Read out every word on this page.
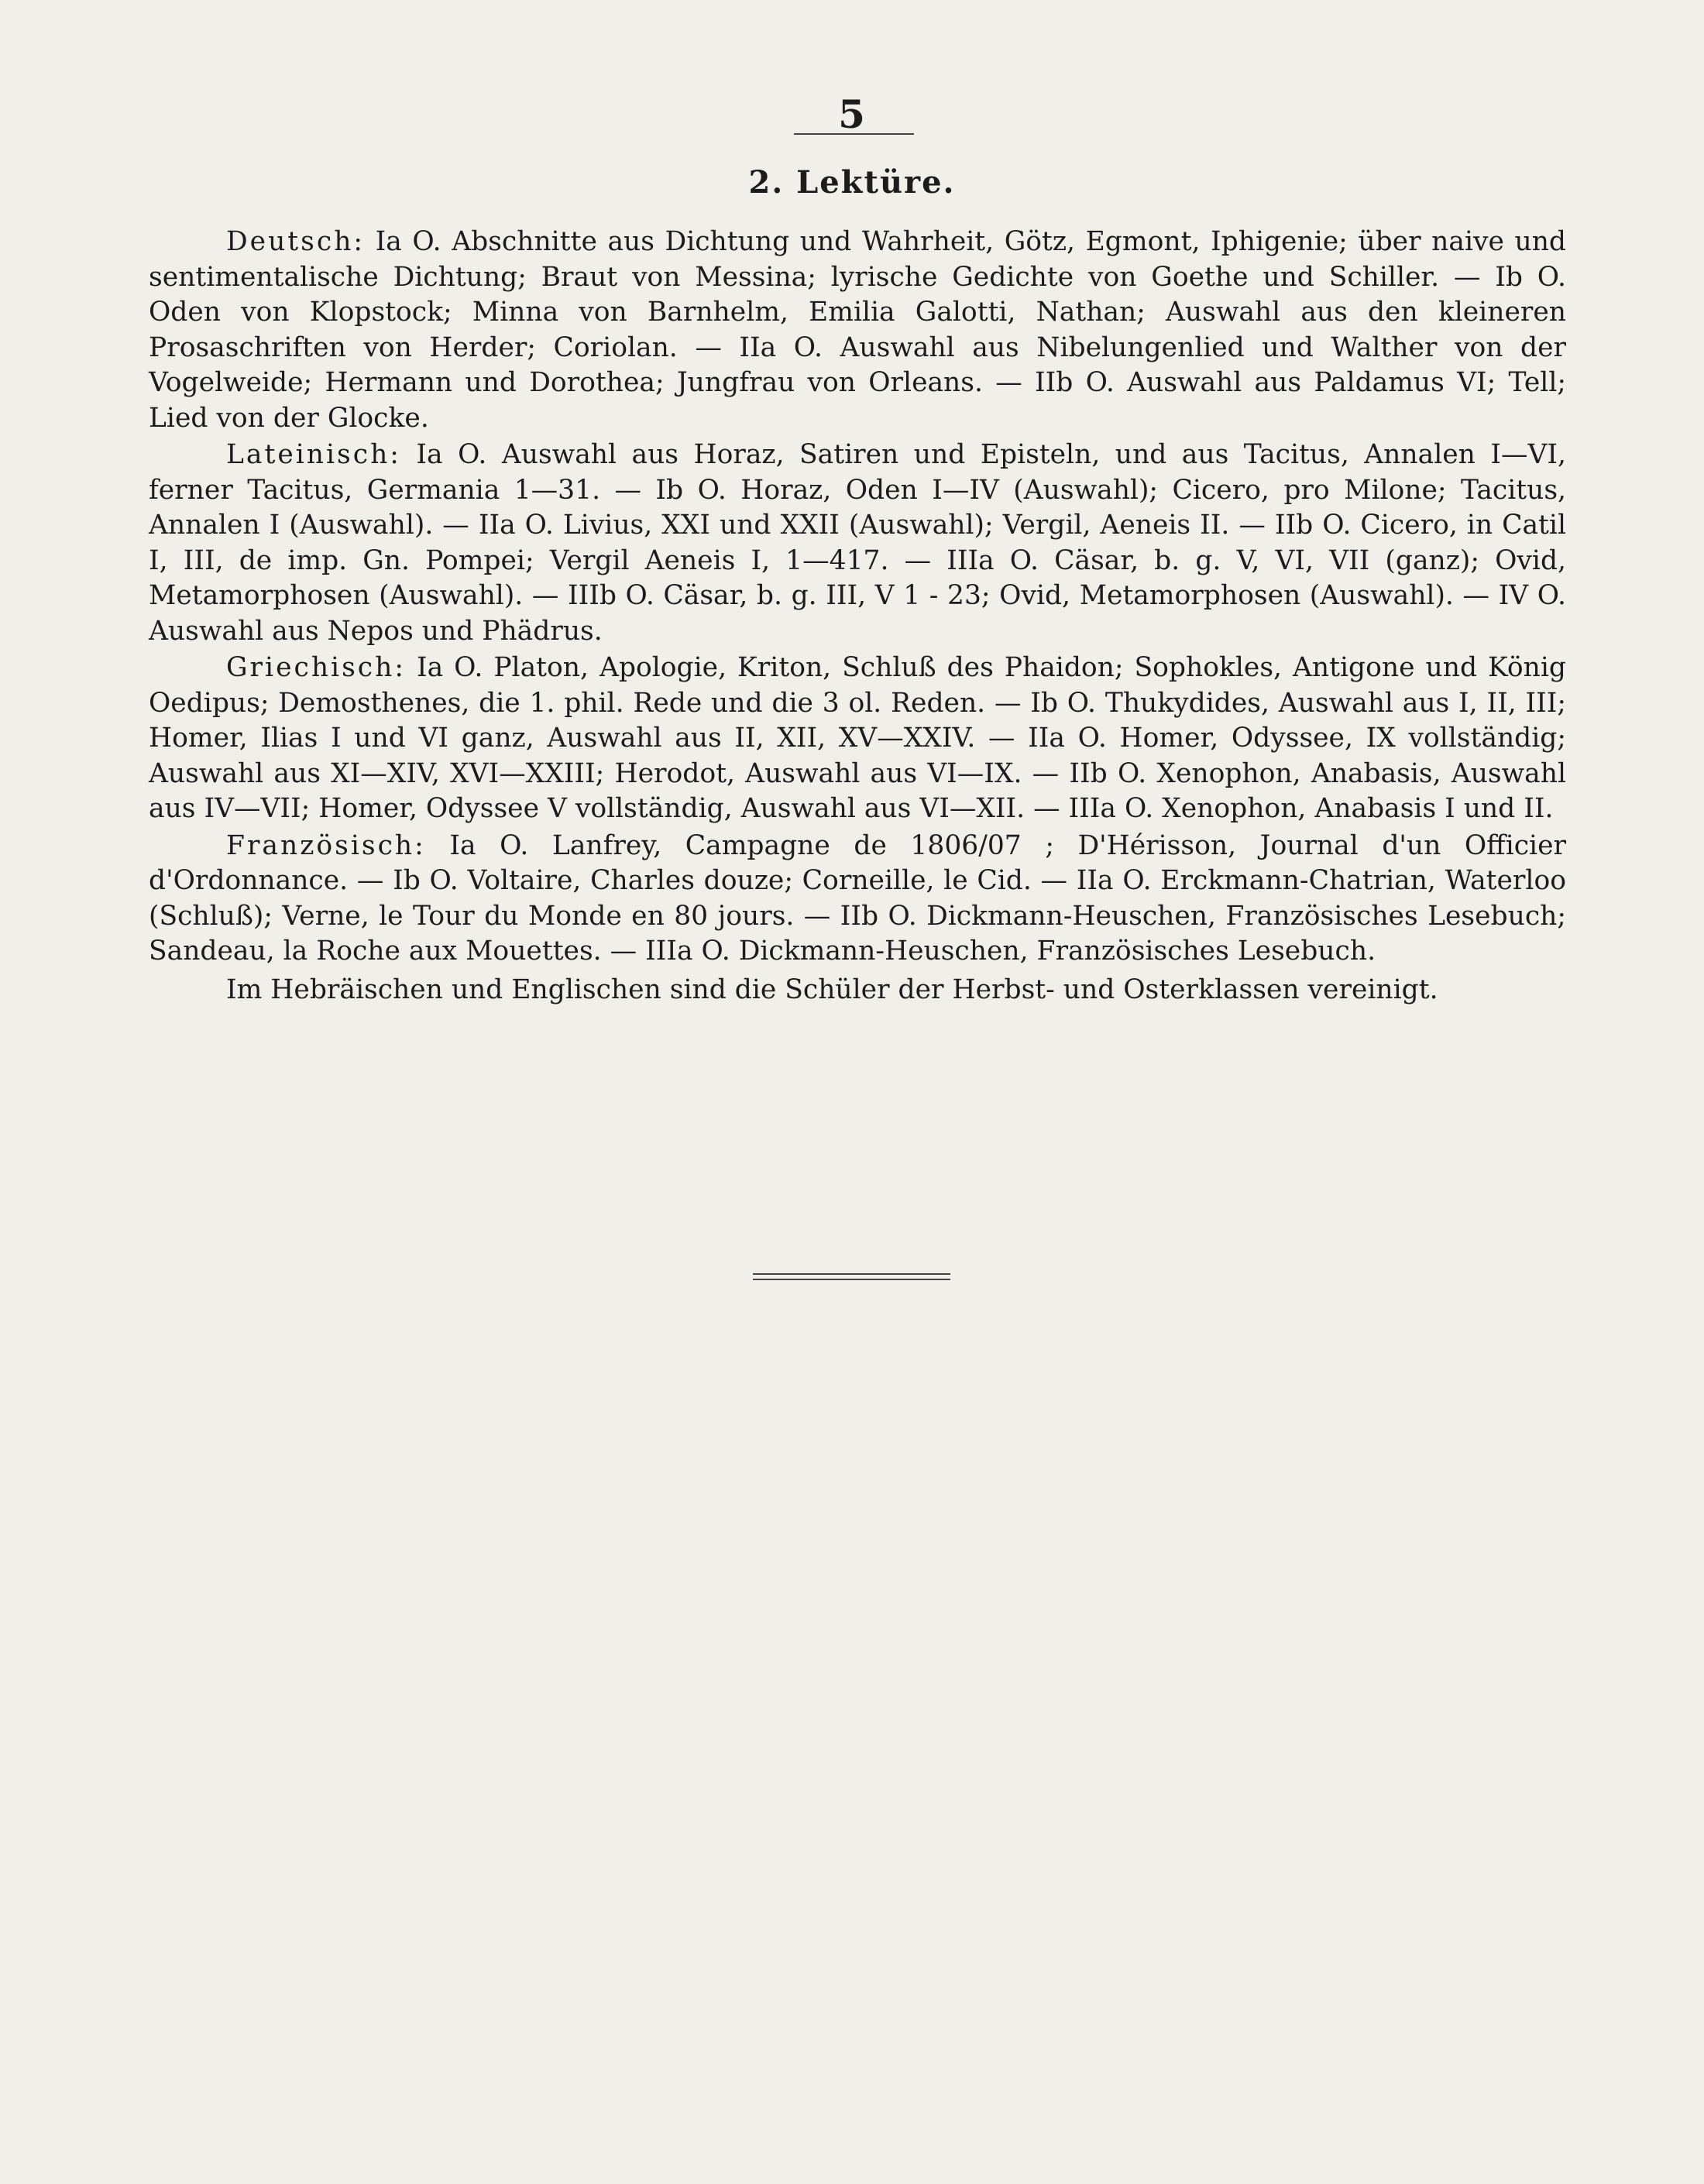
5
2. Lektüre.

Deutsch: Ia O. Abschnitte aus Dichtung und Wahrheit, Götz, Egmont, Iphigenie; über naive und sentimentalische Dichtung; Braut von Messina; lyrische Gedichte von Goethe und Schiller. — Ib O. Oden von Klopstock; Minna von Barnhelm, Emilia Galotti, Nathan; Auswahl aus den kleineren Prosaschriften von Herder; Coriolan. — IIa O. Auswahl aus Nibelungenlied und Walther von der Vogelweide; Hermann und Dorothea; Jungfrau von Orleans. — IIb O. Auswahl aus Paldamus VI; Tell; Lied von der Glocke.

Lateinisch: Ia O. Auswahl aus Horaz, Satiren und Episteln, und aus Tacitus, Annalen I—VI, ferner Tacitus, Germania 1—31. — Ib O. Horaz, Oden I—IV (Auswahl); Cicero, pro Milone; Tacitus, Annalen I (Auswahl). — IIa O. Livius, XXI und XXII (Auswahl); Vergil, Aeneis II. — IIb O. Cicero, in Catil I, III, de imp. Gn. Pompei; Vergil Aeneis I, 1—417. — IIIa O. Cäsar, b. g. V, VI, VII (ganz); Ovid, Metamorphosen (Auswahl). — IIIb O. Cäsar, b. g. III, V 1 - 23; Ovid, Metamorphosen (Auswahl). — IV O. Auswahl aus Nepos und Phädrus.

Griechisch: Ia O. Platon, Apologie, Kriton, Schluß des Phaidon; Sophokles, Antigone und König Oedipus; Demosthenes, die 1. phil. Rede und die 3 ol. Reden. — Ib O. Thukydides, Auswahl aus I, II, III; Homer, Ilias I und VI ganz, Auswahl aus II, XII, XV—XXIV. — IIa O. Homer, Odyssee, IX vollständig; Auswahl aus XI—XIV, XVI—XXIII; Herodot, Auswahl aus VI—IX. — IIb O. Xenophon, Anabasis, Auswahl aus IV—VII; Homer, Odyssee V vollständig, Auswahl aus VI—XII. — IIIa O. Xenophon, Anabasis I und II.

Französisch: Ia O. Lanfrey, Campagne de 1806/07 ; D'Hérisson, Journal d'un Officier d'Ordonnance. — Ib O. Voltaire, Charles douze; Corneille, le Cid. — IIa O. Erckmann-Chatrian, Waterloo (Schluß); Verne, le Tour du Monde en 80 jours. — IIb O. Dickmann-Heuschen, Französisches Lesebuch; Sandeau, la Roche aux Mouettes. — IIIa O. Dickmann-Heuschen, Französisches Lesebuch.

Im Hebräischen und Englischen sind die Schüler der Herbst- und Osterklassen vereinigt.
